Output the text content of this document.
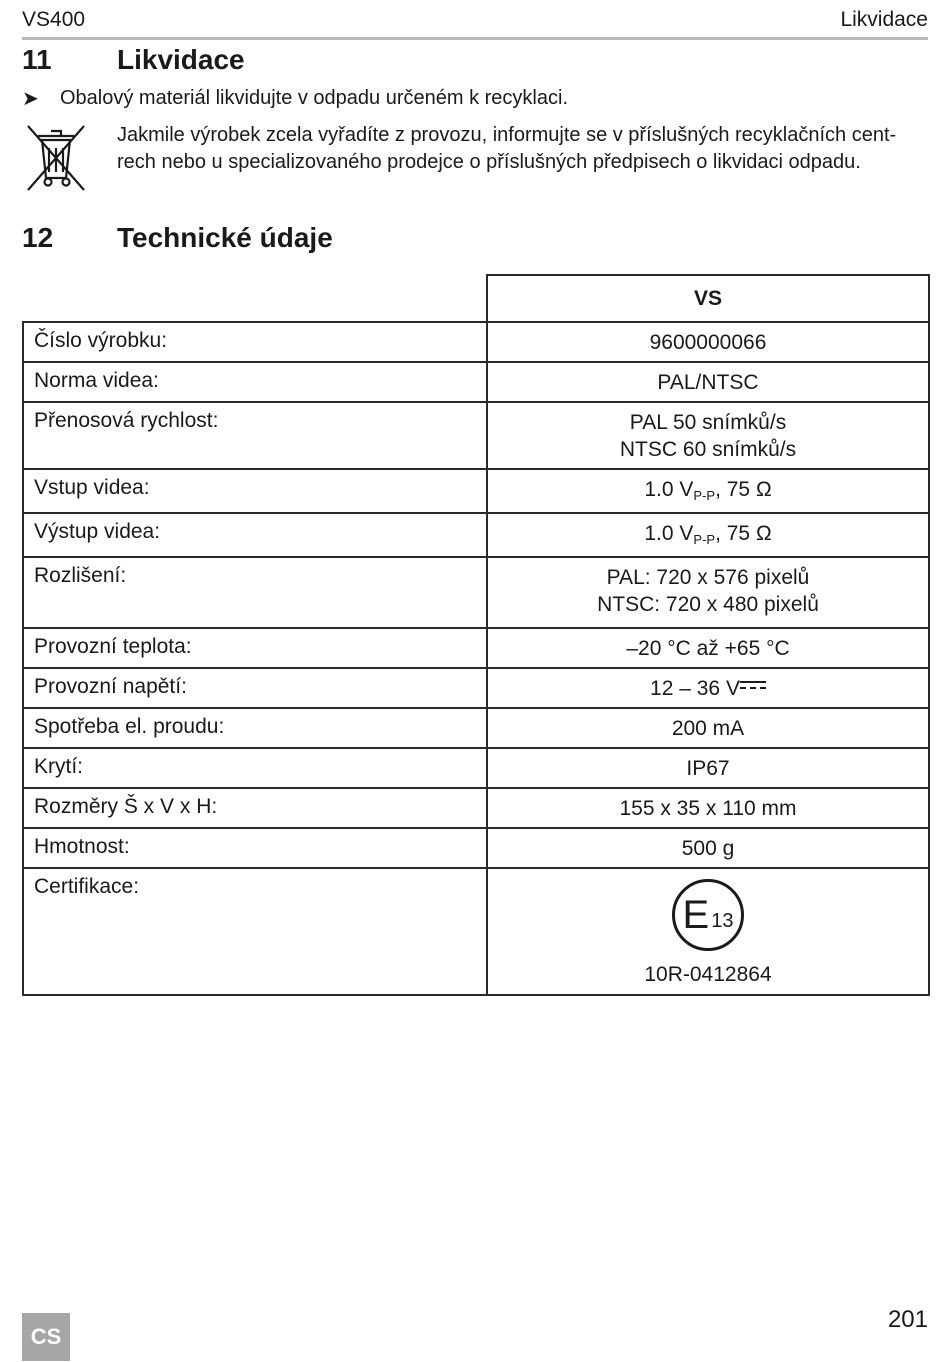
VS400	Likvidace
11 Likvidace
➤	Obalový materiál likvidujte v odpadu určeném k recyklaci.
Jakmile výrobek zcela vyřadíte z provozu, informujte se v příslušných recyklačních cent-
rech nebo u specializovaného prodejce o příslušných předpisech o likvidaci odpadu.
12 Technické údaje
	VS
Číslo výrobku:	9600000066
Norma videa:	PAL/NTSC
Přenosová rychlost:	PAL 50 snímků/s
NTSC 60 snímků/s

Vstup videa:	1.0 $V_{P-P}$, 75 Ω
Výstup videa:	1.0 $V_{P-P}$, 75 Ω
Rozlišení:	PAL: 720 x 576 pixelů
NTSC: 720 x 480 pixelů

Provozní teplota:	–20 °C až +65 °C
Provozní napětí:	12 – 36 V

Spotřeba el. proudu:	200 mA
Krytí:	IP67
Rozměry Š x V x H:	155 x 35 x 110 mm
Hmotnost:	500 g
Certifikace:	E 13
10R-0412864
CS
201
